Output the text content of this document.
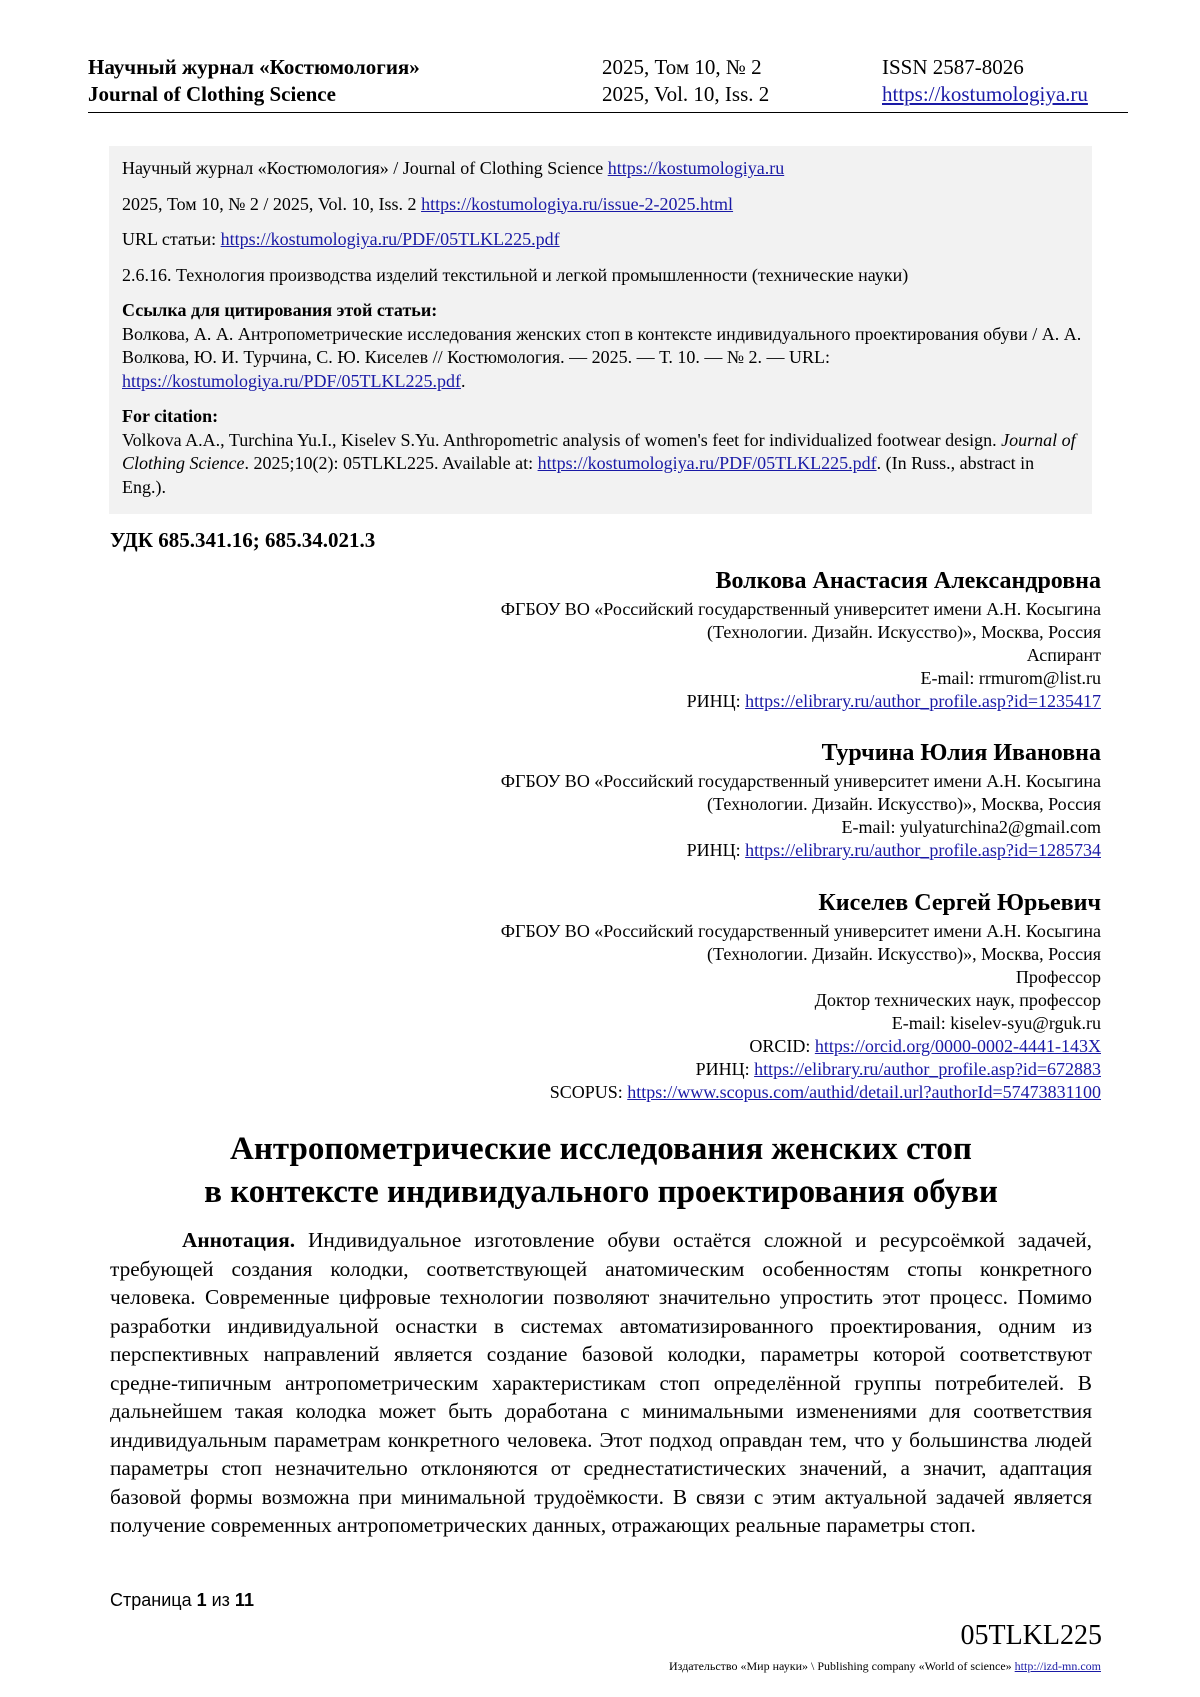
Научный журнал «Костюмология»
Journal of Clothing Science
2025, Том 10, № 2
2025, Vol. 10, Iss. 2
ISSN 2587-8026
https://kostumologiya.ru

Научный журнал «Костюмология» / Journal of Clothing Science https://kostumologiya.ru

2025, Том 10, № 2 / 2025, Vol. 10, Iss. 2 https://kostumologiya.ru/issue-2-2025.html

URL статьи: https://kostumologiya.ru/PDF/05TLKL225.pdf

2.6.16. Технология производства изделий текстильной и легкой промышленности (технические науки)

Ссылка для цитирования этой статьи:

Волкова, А. А. Антропометрические исследования женских стоп в контексте индивидуального проектирования обуви / А. А. Волкова, Ю. И. Турчина, С. Ю. Киселев // Костюмология. — 2025. — Т. 10. — № 2. — URL: https://kostumologiya.ru/PDF/05TLKL225.pdf.

For citation:

Volkova A.A., Turchina Yu.I., Kiselev S.Yu. Anthropometric analysis of women's feet for individualized footwear design. Journal of Clothing Science. 2025;10(2): 05TLKL225. Available at: https://kostumologiya.ru/PDF/05TLKL225.pdf. (In Russ., abstract in Eng.).

УДК 685.341.16; 685.34.021.3
Волкова Анастасия Александровна
ФГБОУ ВО «Российский государственный университет имени А.Н. Косыгина
(Технологии. Дизайн. Искусство)», Москва, Россия
Аспирант
E-mail: rrmurom@list.ru
РИНЦ: https://elibrary.ru/author_profile.asp?id=1235417
Турчина Юлия Ивановна
ФГБОУ ВО «Российский государственный университет имени А.Н. Косыгина
(Технологии. Дизайн. Искусство)», Москва, Россия
E-mail: yulyaturchina2@gmail.com
РИНЦ: https://elibrary.ru/author_profile.asp?id=1285734
Киселев Сергей Юрьевич
ФГБОУ ВО «Российский государственный университет имени А.Н. Косыгина
(Технологии. Дизайн. Искусство)», Москва, Россия
Профессор
Доктор технических наук, профессор
E-mail: kiselev-syu@rguk.ru
ORCID: https://orcid.org/0000-0002-4441-143X
РИНЦ: https://elibrary.ru/author_profile.asp?id=672883
SCOPUS: https://www.scopus.com/authid/detail.url?authorId=57473831100
Антропометрические исследования женских стоп
в контексте индивидуального проектирования обуви

Аннотация. Индивидуальное изготовление обуви остаётся сложной и ресурсоёмкой задачей, требующей создания колодки, соответствующей анатомическим особенностям стопы конкретного человека. Современные цифровые технологии позволяют значительно упростить этот процесс. Помимо разработки индивидуальной оснастки в системах автоматизированного проектирования, одним из перспективных направлений является создание базовой колодки, параметры которой соответствуют средне-типичным антропометрическим характеристикам стоп определённой группы потребителей. В дальнейшем такая колодка может быть доработана с минимальными изменениями для соответствия индивидуальным параметрам конкретного человека. Этот подход оправдан тем, что у большинства людей параметры стоп незначительно отклоняются от среднестатистических значений, а значит, адаптация базовой формы возможна при минимальной трудоёмкости. В связи с этим актуальной задачей является получение современных антропометрических данных, отражающих реальные параметры стоп.

Страница 1 из 11
05TLKL225
Издательство «Мир науки» \ Publishing company «World of science» http://izd-mn.com
